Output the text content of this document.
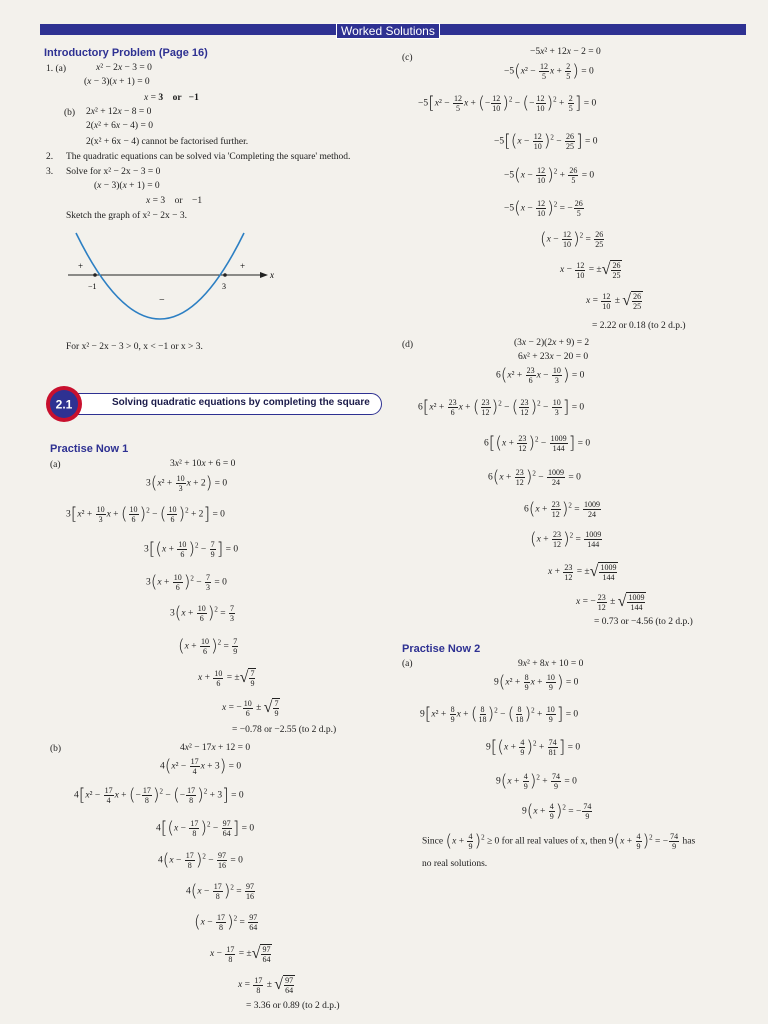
Worked Solutions
Introductory Problem (Page 16)
1. (a)	x² − 2x − 3 = 0
(x − 3)(x + 1) = 0
x = 3 or −1
(b) 2x² + 12x − 8 = 0
2(x² + 6x − 4) = 0
2(x² + 6x − 4) cannot be factorised further.
2. The quadratic equations can be solved via 'Completing the square' method.
3. Solve for x² − 2x − 3 = 0
(x − 3)(x + 1) = 0
x = 3    or    −1
Sketch the graph of x² − 2x − 3.
+	+
−
−1	3
x
For x² − 2x − 3 > 0, x < −1 or x > 3.
2.1	Solving quadratic equations by completing the square
Practise Now 1
(a)	3x² + 10x + 6 = 0
$3(x^2 + \frac{10}{3}$ x + 2) = 0
$3[x^2 + \frac{10}{3}$ x + ( $\frac{10}{6} )^2$ − ( $\frac{10}{6} )^2 + 2] = 0$
$3[(x + \frac{10}{6} )^2 - \frac{7}{9}$ ] = 0
$3(x + \frac{10}{6} )^2 - \frac{7}{3} = 0$
$3(x + \frac{10}{6} )^2 = \frac{7}{3}$
$(x + \frac{10}{6} )^2 = \frac{7}{9}$
$x + \frac{10}{6}$ = ± √ $\frac{7}{9}$
x = − $\frac{10}{6}$ ± √ $\frac{7}{9}$
= −0.78 or −2.55 (to 2 d.p.)
(b)	4x² − 17x + 12 = 0
$4(x^2 - \frac{17}{4}$ x + 3) = 0
$4[x^2 - \frac{17}{4}$ x + (− $\frac{17}{8} )^2$ − (− $\frac{17}{8} )^2 + 3] = 0$
$4[(x - \frac{17}{8} )^2 - \frac{97}{64}$ ] = 0
$4(x - \frac{17}{8} )^2 - \frac{97}{16} = 0$
$4(x - \frac{17}{8} )^2 = \frac{97}{16}$
$(x - \frac{17}{8} )^2 = \frac{97}{64}$
$x - \frac{17}{8}$ = ± √ $\frac{97}{64}$
$x = \frac{17}{8}$ ± √ $\frac{97}{64}$
= 3.36 or 0.89 (to 2 d.p.)
(c)
−5x² + 12x − 2 = 0
$-5(x^2 - \frac{12}{5}$ $x + \frac{2}{5}$ ) = 0
$-5[x^2 - \frac{12}{5}$ x + (− $\frac{12}{10} )^2$ − (− $\frac{12}{10} )^2 + \frac{2}{5}$ ] = 0
$-5[(x - \frac{12}{10} )^2 - \frac{26}{25}$ ] = 0
$-5(x - \frac{12}{10} )^2 + \frac{26}{5} = 0$
$-5(x - \frac{12}{10} )^2$ = − $\frac{26}{5}$
$(x - \frac{12}{10} )^2 = \frac{26}{25}$
$x - \frac{12}{10}$ = ± √ $\frac{26}{25}$
$x = \frac{12}{10}$ ± √ $\frac{26}{25}$
= 2.22 or 0.18 (to 2 d.p.)
(d)	(3x − 2)(2x + 9) = 2
6x² + 23x − 20 = 0
$6(x^2 + \frac{23}{6}$ $x - \frac{10}{3}$ ) = 0
$6[x^2 + \frac{23}{6}$ x + ( $\frac{23}{12} )^2$ − ( $\frac{23}{12} )^2 - \frac{10}{3}$ ] = 0
$6[(x + \frac{23}{12} )^2 - \frac{1009}{144}$ ] = 0
$6(x + \frac{23}{12} )^2 - \frac{1009}{24} = 0$
$6(x + \frac{23}{12} )^2 = \frac{1009}{24}$
$(x + \frac{23}{12} )^2 = \frac{1009}{144}$
$x + \frac{23}{12}$ = ± √ $\frac{1009}{144}$
x = − $\frac{23}{12}$ ± √ $\frac{1009}{144}$
= 0.73 or −4.56 (to 2 d.p.)
Practise Now 2
(a)	9x² + 8x + 10 = 0
$9(x^2 + \frac{8}{9}$ $x + \frac{10}{9}$ ) = 0
$9[x^2 + \frac{8}{9}$ x + ( $\frac{8}{18} )^2$ − ( $\frac{8}{18} )^2 + \frac{10}{9}$ ] = 0
$9[(x + \frac{4}{9} )^2 + \frac{74}{81}$ ] = 0
$9(x + \frac{4}{9} )^2 + \frac{74}{9} = 0$
$9(x + \frac{4}{9} )^2$ = − $\frac{74}{9}$
Since $(x + \frac{4}{9} )^2 \ge 0$ for all real values of x, then $9(x + \frac{4}{9} )^2$ = − $\frac{74}{9}$ has
no real solutions.
